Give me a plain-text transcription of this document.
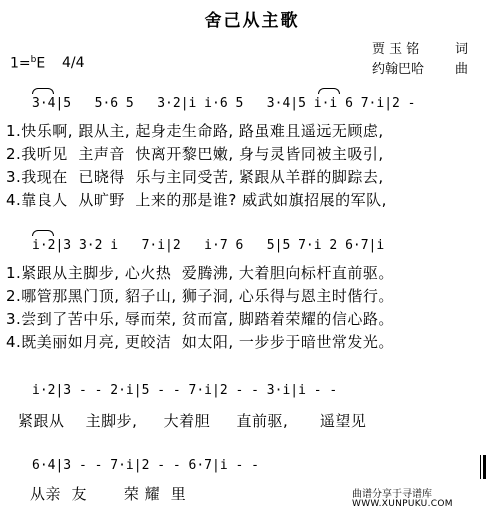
舍己从主歌
1=$^b$E 4/4
贾 玉 铭	词
约翰巴哈 曲
3·4|5   5·6 5   3·2|i i·6 5   3·4|5 i·i 6 7·i|2 -
1.快乐啊, 跟从主, 起身走生命路, 路虽难且遥远无顾虑,
2.我听见  主声音  快离开黎巴嫩, 身与灵皆同被主吸引,
3.我现在  已晓得  乐与主同受苦, 紧跟从羊群的脚踪去,
4.靠良人  从旷野  上来的那是谁? 威武如旗招展的军队,
i·2|3 3·2 i   7·i|2   i·7 6   5|5 7·i 2 6·7|i
1.紧跟从主脚步, 心火热  爱腾沸, 大着胆向标杆直前驱。
2.哪管那黑门顶, 貂子山, 狮子洞, 心乐得与恩主时偕行。
3.尝到了苦中乐, 辱而荣, 贫而富, 脚踏着荣耀的信心路。
4.既美丽如月亮, 更皎洁  如太阳, 一步步于暗世常发光。
i·2|3 - - 2·i|5 - - 7·i|2 - - 3·i|i - -
紧跟从    主脚步,     大着胆     直前驱,      遥望见
6·4|3 - - 7·i|2 - - 6·7|i - -
从亲  友       荣 耀  里	曲谱分享于寻谱库
WWW.XUNPUKU.COM
